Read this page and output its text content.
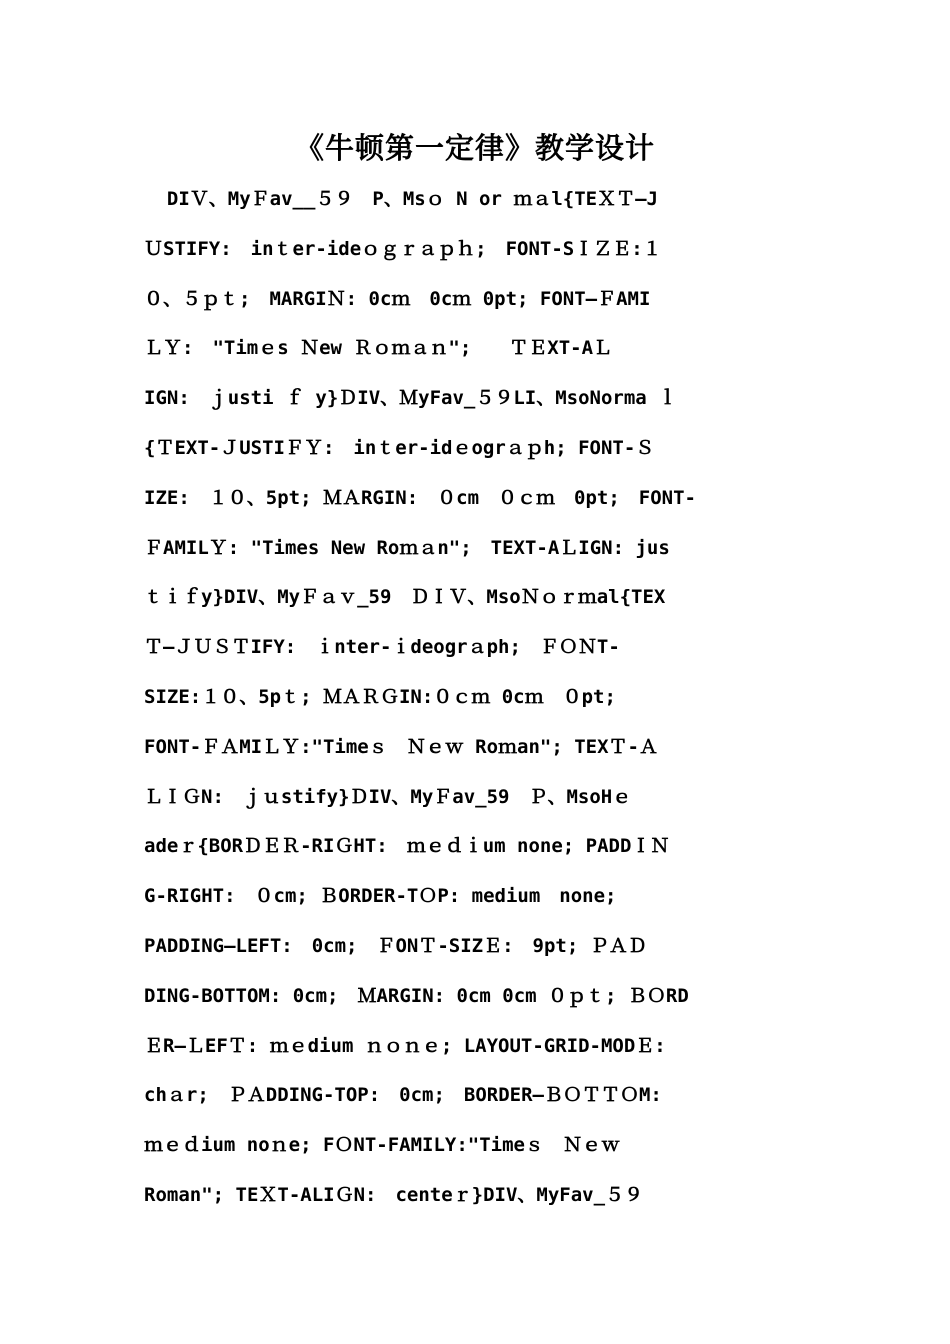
《牛顿第一定律》教学设计
DIＶ、MyＦav__５９　P、Msｏ N or ｍａl{TEＸＴ—J
ＵSTIFY:　inｔer-ideｏｇｒａｐｈ;　FONT-SＩＺＥ:１
０、５ｐｔ;　MARGIＮ: 0cｍ　0cｍ 0pt; FONT—ＦAMI
ＬＹ:　"Timｅs Ｎew Ｒｏｍａｎ";　　ＴＥXT-AＬ
IGN:　ｊusti ｆ y}ＤIV、ＭyFav_５９LI、MsoNorma ｌ
{ＴEXT-ＪUSTIＦＹ:　inｔer-idｅogrａｐh; FONT-Ｓ
IZE:　１０、5pt; ＭＡRGIN:　０cm　０ｃｍ　0pt;　FONT-
ＦAMILＹ: "Times New Roｍａn";　TEXT-AＬIGN: jus
ｔｉｆy}DIV、MyＦａｖ_59　ＤＩＶ、MsoＮｏｒｍal{TEX
Ｔ—ＪＵＳＴIFY:　ｉnter-ｉdeogrａph;　ＦＯＮT-
SIZE:１０、5pｔ; ＭＡＲＧIN:０ｃｍ 0cｍ　０pt;
FONT-ＦＡMIＬＹ:"Timeｓ　Ｎｅｗ Roｍan"; TEXＴ-Ａ
ＬＩＧN:　ｊｕstify}ＤIV、MyＦav_59　Ｐ、MsoHｅ
adeｒ{BORＤＥＲ-RIＧHT:　ｍｅｄｉum none; PADDＩＮ
G-RIGHT:　０cm; ＢORDER-TＯP: medium　none;
PADDING—LEFT:　0cm;　ＦONＴ-SIZＥ:　9pt; ＰＡＤ
DING-BOTTOM: 0cm;　ＭARGIN: 0cm 0cm ０ｐｔ; ＢＯRD
ＥR—ＬEFＴ: ｍｅdium ｎｏｎｅ; LAYOUT-GRID-MODＥ:
chａr;　ＰＡDDING-TOP:　0cm;　BORDER—ＢＯＴＴＯM:
ｍｅｄium noｎe; FＯNT-FAMILY:"Timeｓ　Ｎｅｗ
Roman"; TEＸT-ALIＧN:　centeｒ}DIV、MyFav_５９
